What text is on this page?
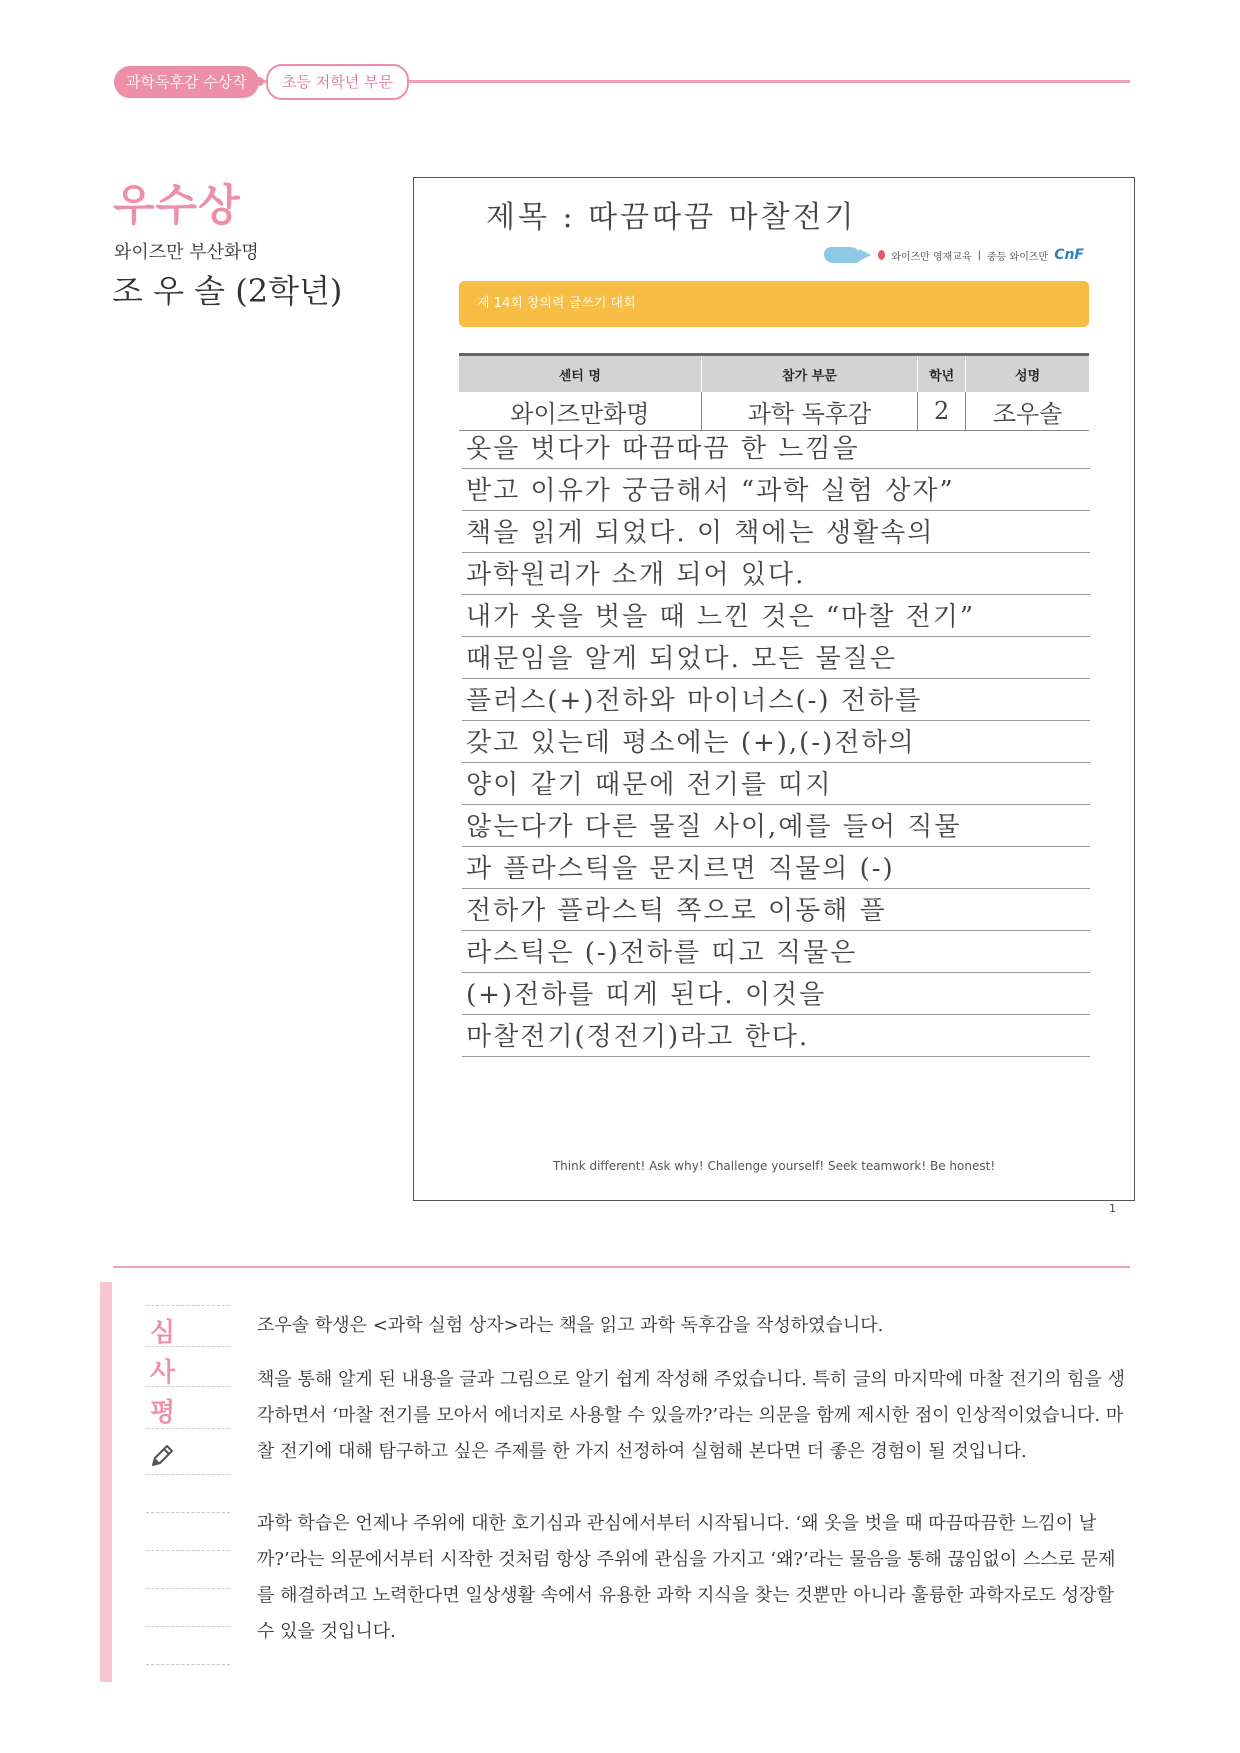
과학독후감 수상작	초등 저학년 부문
우수상
와이즈만 부산화명
조 우 솔 (2학년)
제목 : 따끔따끔 마찰전기
와이즈만 영재교육 | 중등 와이즈만 CnF
제 14회 창의력 글쓰기 대회
센터 명	참가 부문	학년	성명
와이즈만화명	과학 독후감	2	조우솔
옷을 벗다가 따끔따끔 한 느낌을
받고 이유가 궁금해서 “과학 실험 상자”
책을 읽게 되었다. 이 책에는 생활속의
과학원리가 소개 되어 있다.
내가 옷을 벗을 때 느낀 것은 “마찰 전기”
때문임을 알게 되었다. 모든 물질은
플러스(+)전하와 마이너스(-) 전하를
갖고 있는데 평소에는 (+),(-)전하의
양이 같기 때문에 전기를 띠지
않는다가 다른 물질 사이,예를 들어 직물
과 플라스틱을 문지르면 직물의 (-)
전하가 플라스틱 쪽으로 이동해 플
라스틱은 (-)전하를 띠고 직물은
(+)전하를 띠게 된다. 이것을
마찰전기(정전기)라고 한다.
Think different! Ask why! Challenge yourself! Seek teamwork! Be honest!
1
심
사
평

조우솔 학생은 <과학 실험 상자>라는 책을 읽고 과학 독후감을 작성하였습니다.

책을 통해 알게 된 내용을 글과 그림으로 알기 쉽게 작성해 주었습니다. 특히 글의 마지막에 마찰 전기의 힘을 생각하면서 ‘마찰 전기를 모아서 에너지로 사용할 수 있을까?’라는 의문을 함께 제시한 점이 인상적이었습니다. 마찰 전기에 대해 탐구하고 싶은 주제를 한 가지 선정하여 실험해 본다면 더 좋은 경험이 될 것입니다.

과학 학습은 언제나 주위에 대한 호기심과 관심에서부터 시작됩니다. ‘왜 옷을 벗을 때 따끔따끔한 느낌이 날까?’라는 의문에서부터 시작한 것처럼 항상 주위에 관심을 가지고 ‘왜?’라는 물음을 통해 끊임없이 스스로 문제를 해결하려고 노력한다면 일상생활 속에서 유용한 과학 지식을 찾는 것뿐만 아니라 훌륭한 과학자로도 성장할 수 있을 것입니다.
